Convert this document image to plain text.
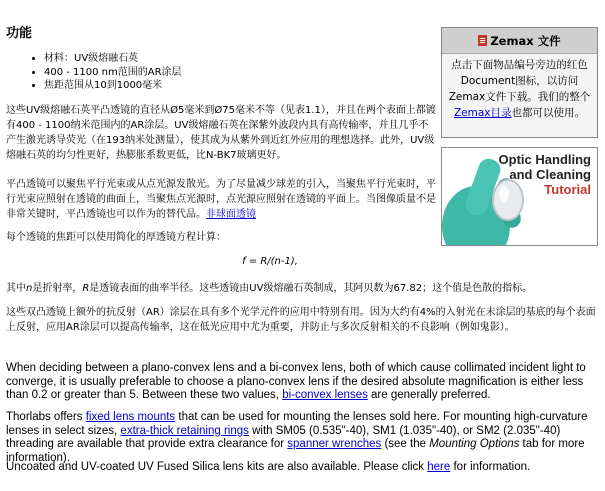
功能
• 材料：UV级熔融石英
• 400 - 1100 nm范围的AR涂层
• 焦距范围从10到1000毫米

这些UV级熔融石英平凸透镜的直径从Ø5毫米到Ø75毫米不等（见表1.1），并且在两个表面上都镀有400 - 1100纳米范围内的AR涂层。UV级熔融石英在深紫外波段内具有高传输率，并且几乎不产生激光诱导荧光（在193纳米处测量），使其成为从紫外到近红外应用的理想选择。此外，UV级熔融石英的均匀性更好，热膨胀系数更低，比N-BK7玻璃更好。

平凸透镜可以聚焦平行光束或从点光源发散光。为了尽量减少球差的引入，当聚焦平行光束时，平行光束应照射在透镜的曲面上，当聚焦点光源时，点光源应照射在透镜的平面上。当图像质量不是非常关键时，平凸透镜也可以作为的替代品。非球面透镜

每个透镜的焦距可以使用简化的厚透镜方程计算：

f = R/(n-1),

其中n是折射率，R是透镜表面的曲率半径。这些透镜由UV级熔融石英制成，其阿贝数为67.82；这个值是色散的指标。

这些双凸透镜上额外的抗反射（AR）涂层在具有多个光学元件的应用中特别有用。因为大约有4%的入射光在未涂层的基底的每个表面上反射，应用AR涂层可以提高传输率，这在低光应用中尤为重要，并防止与多次反射相关的不良影响（例如鬼影）。

When deciding between a plano-convex lens and a bi-convex lens, both of which cause collimated incident light to converge, it is usually preferable to choose a plano-convex lens if the desired absolute magnification is either less than 0.2 or greater than 5. Between these two values, bi-convex lenses are generally preferred.

Thorlabs offers fixed lens mounts that can be used for mounting the lenses sold here. For mounting high-curvature lenses in select sizes, extra-thick retaining rings with SM05 (0.535"-40), SM1 (1.035"-40), or SM2 (2.035"-40) threading are available that provide extra clearance for spanner wrenches (see the Mounting Options tab for more information).

Uncoated and UV-coated UV Fused Silica lens kits are also available. Please click here for information.

Zemax 文件
点击下面物品编号旁边的红色Document图标，以访问Zemax文件下载。我们的整个Zemax目录也都可以使用。
Optic Handling
and Cleaning
Tutorial
